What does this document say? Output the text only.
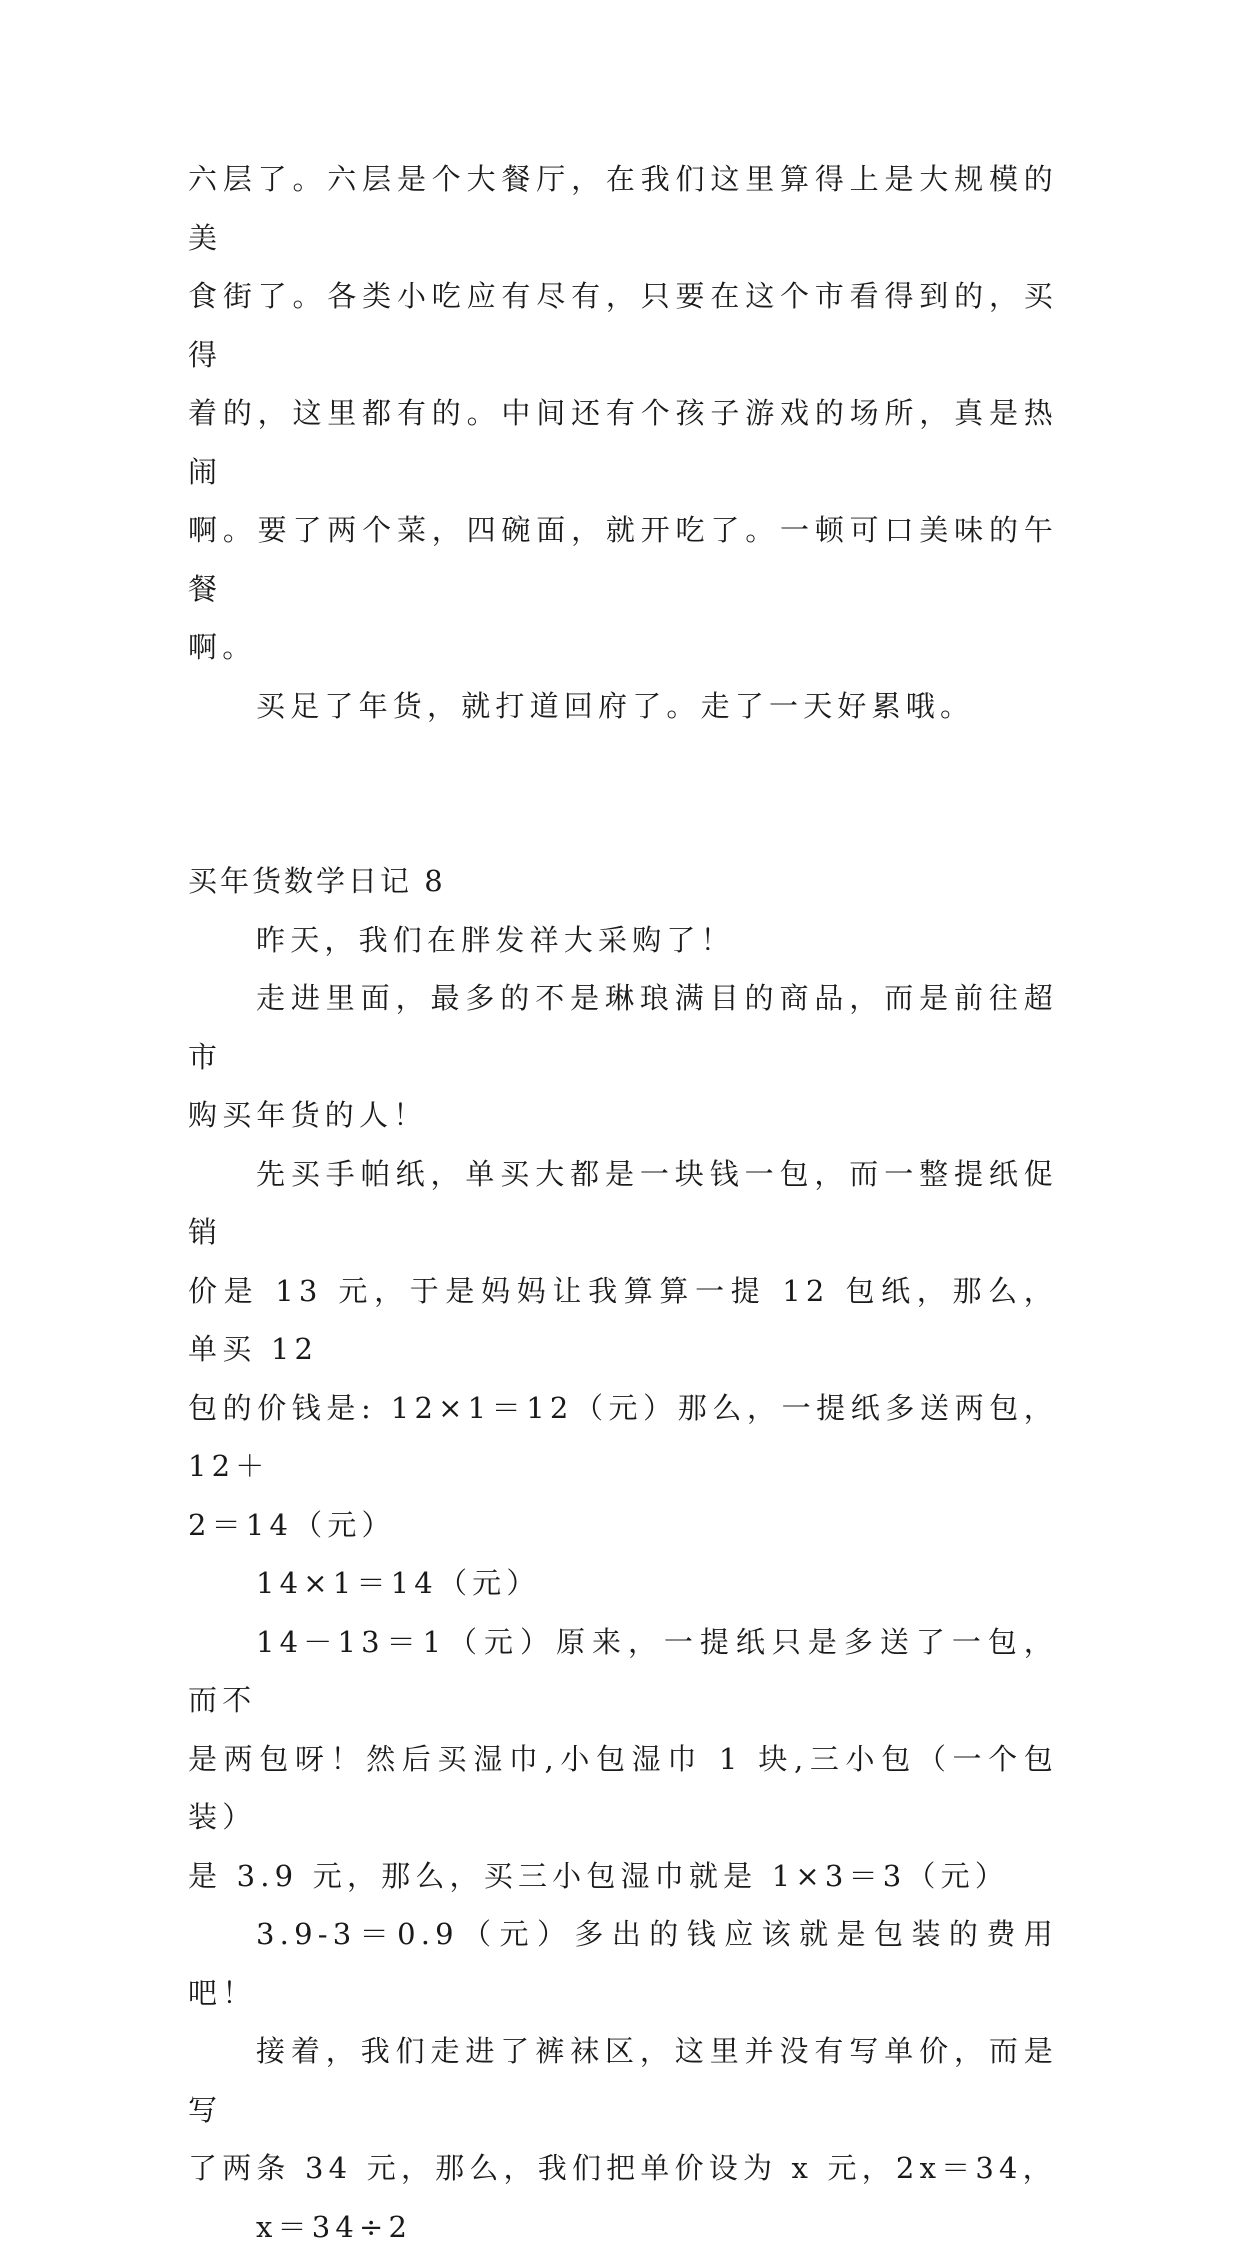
六层了。六层是个大餐厅，在我们这里算得上是大规模的美
食街了。各类小吃应有尽有，只要在这个市看得到的，买得
着的，这里都有的。中间还有个孩子游戏的场所，真是热闹
啊。要了两个菜，四碗面，就开吃了。一顿可口美味的午餐
啊。

买足了年货，就打道回府了。走了一天好累哦。

买年货数学日记 8

昨天，我们在胖发祥大采购了！

走进里面，最多的不是琳琅满目的商品，而是前往超市
购买年货的人！

先买手帕纸，单买大都是一块钱一包，而一整提纸促销
价是 13 元，于是妈妈让我算算一提 12 包纸，那么，单买 12
包的价钱是: 12×1＝12（元）那么，一提纸多送两包，12＋
2＝14（元）

14×1＝14（元）

14－13＝1（元）原来，一提纸只是多送了一包，而不
是两包呀！然后买湿巾,小包湿巾 1 块,三小包（一个包装）
是 3.9 元，那么，买三小包湿巾就是 1×3＝3（元）

3.9-3＝0.9（元）多出的钱应该就是包装的费用吧！

接着，我们走进了裤袜区，这里并没有写单价，而是写
了两条 34 元，那么，我们把单价设为 x 元，2x＝34，

x＝34÷2
